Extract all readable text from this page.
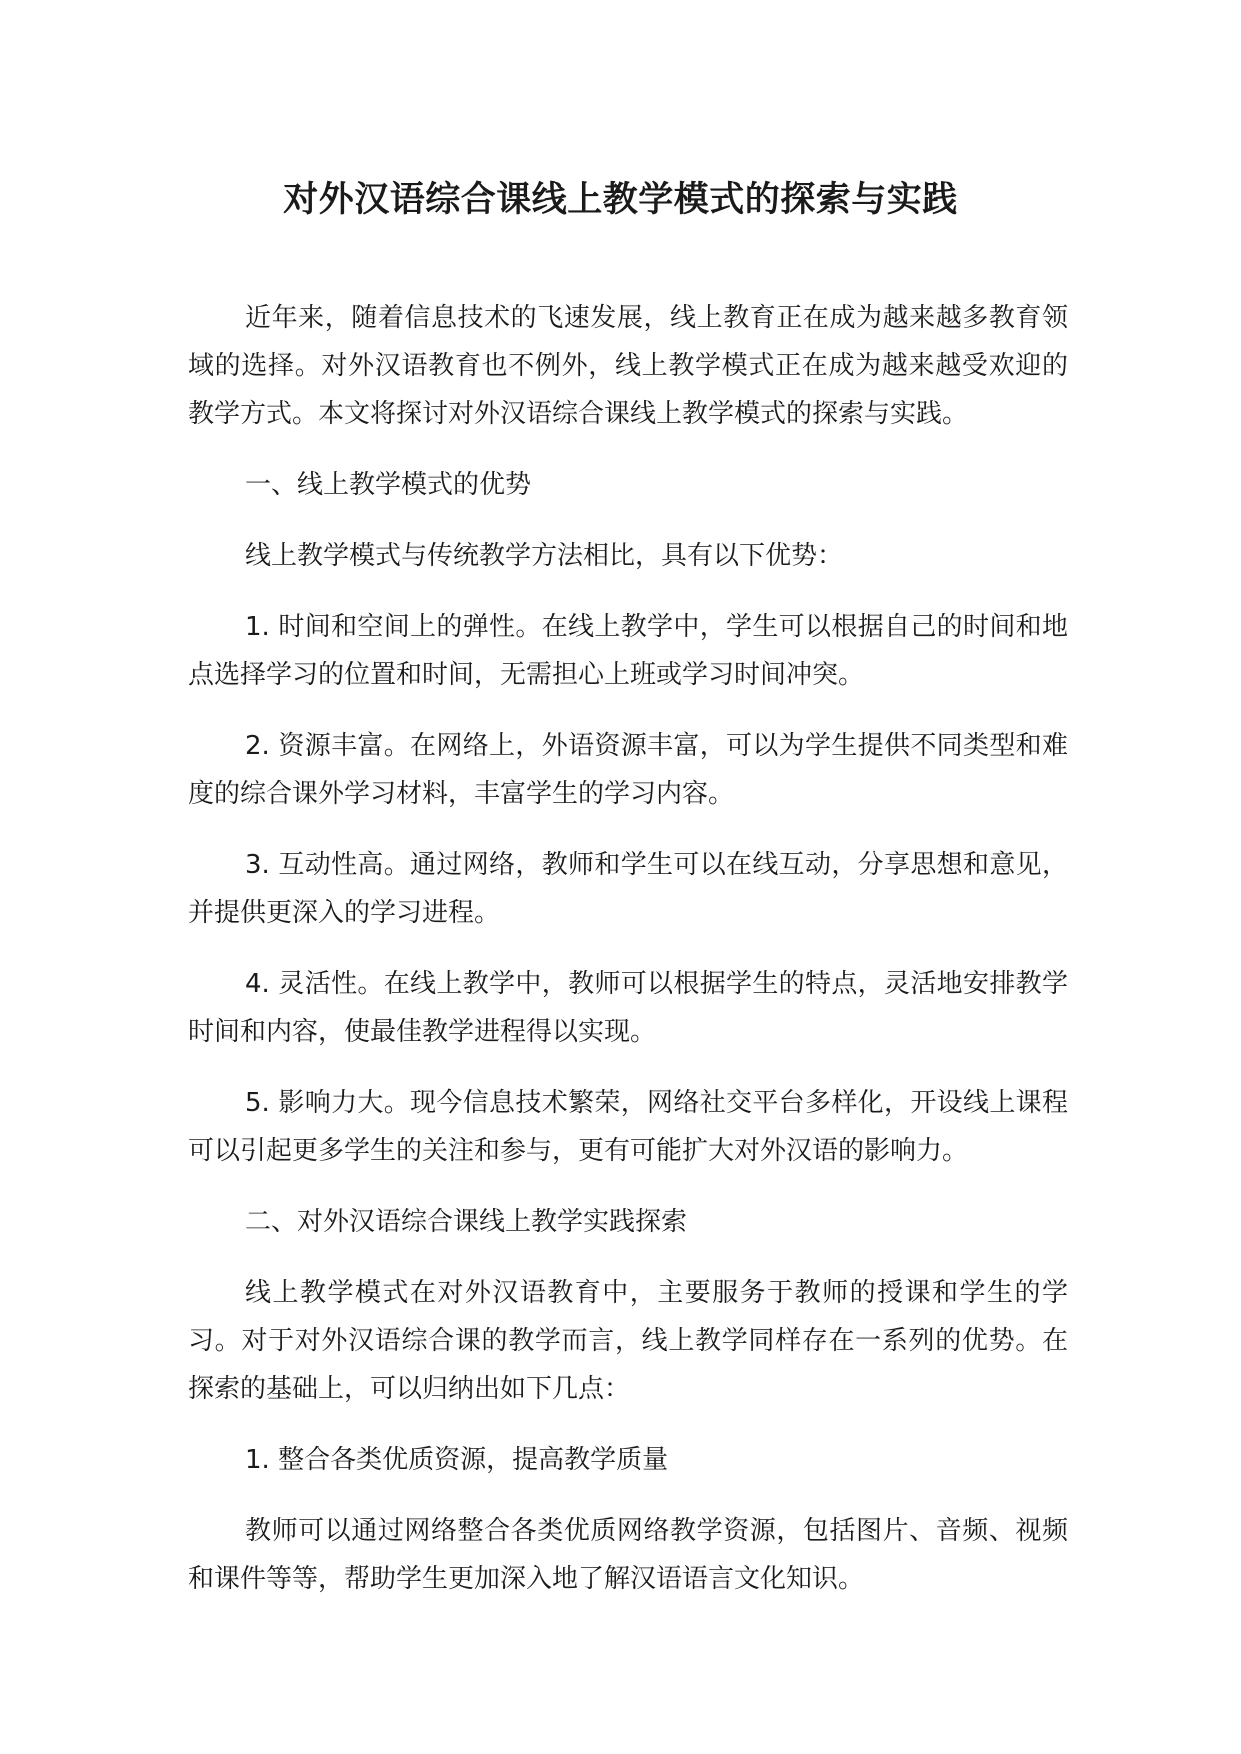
对外汉语综合课线上教学模式的探索与实践

近年来，随着信息技术的飞速发展，线上教育正在成为越来越多教育领域的选择。对外汉语教育也不例外，线上教学模式正在成为越来越受欢迎的教学方式。本文将探讨对外汉语综合课线上教学模式的探索与实践。

一、线上教学模式的优势

线上教学模式与传统教学方法相比，具有以下优势：

1. 时间和空间上的弹性。在线上教学中，学生可以根据自己的时间和地点选择学习的位置和时间，无需担心上班或学习时间冲突。

2. 资源丰富。在网络上，外语资源丰富，可以为学生提供不同类型和难度的综合课外学习材料，丰富学生的学习内容。

3. 互动性高。通过网络，教师和学生可以在线互动，分享思想和意见，并提供更深入的学习进程。

4. 灵活性。在线上教学中，教师可以根据学生的特点，灵活地安排教学时间和内容，使最佳教学进程得以实现。

5. 影响力大。现今信息技术繁荣，网络社交平台多样化，开设线上课程可以引起更多学生的关注和参与，更有可能扩大对外汉语的影响力。

二、对外汉语综合课线上教学实践探索

线上教学模式在对外汉语教育中，主要服务于教师的授课和学生的学习。对于对外汉语综合课的教学而言，线上教学同样存在一系列的优势。在探索的基础上，可以归纳出如下几点：

1. 整合各类优质资源，提高教学质量

教师可以通过网络整合各类优质网络教学资源，包括图片、音频、视频和课件等等，帮助学生更加深入地了解汉语语言文化知识。
